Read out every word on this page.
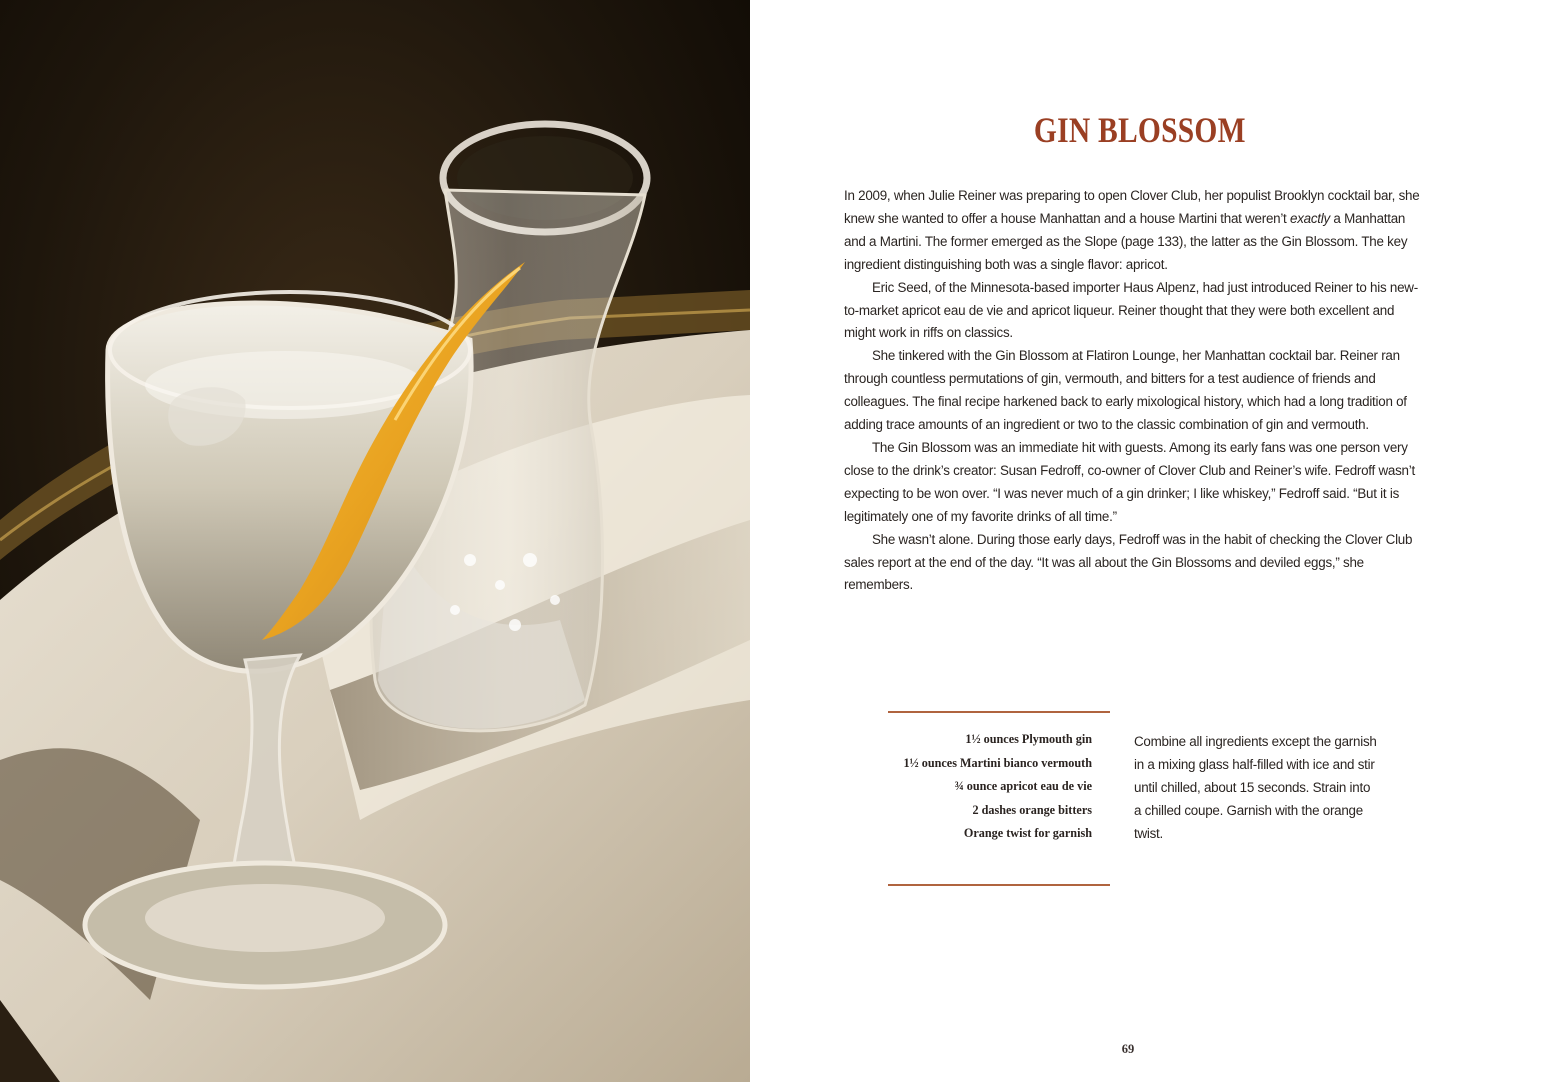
GIN BLOSSOM

In 2009, when Julie Reiner was preparing to open Clover Club, her populist Brooklyn cocktail bar, she knew she wanted to offer a house Manhattan and a house Martini that weren’t exactly a Manhattan and a Martini. The former emerged as the Slope (page 133), the latter as the Gin Blossom. The key ingredient distinguishing both was a single flavor: apricot.

Eric Seed, of the Minnesota-based importer Haus Alpenz, had just introduced Reiner to his new-to-market apricot eau de vie and apricot liqueur. Reiner thought that they were both excellent and might work in riffs on classics.

She tinkered with the Gin Blossom at Flatiron Lounge, her Manhattan cocktail bar. Reiner ran through countless permutations of gin, vermouth, and bitters for a test audience of friends and colleagues. The final recipe harkened back to early mixological history, which had a long tradition of adding trace amounts of an ingredient or two to the classic combination of gin and vermouth.

The Gin Blossom was an immediate hit with guests. Among its early fans was one person very close to the drink’s creator: Susan Fedroff, co-owner of Clover Club and Reiner’s wife. Fedroff wasn’t expecting to be won over. “I was never much of a gin drinker; I like whiskey,” Fedroff said. “But it is legitimately one of my favorite drinks of all time.”

She wasn’t alone. During those early days, Fedroff was in the habit of checking the Clover Club sales report at the end of the day. “It was all about the Gin Blossoms and deviled eggs,” she remembers.

1½ ounces Plymouth gin
1½ ounces Martini bianco vermouth
¾ ounce apricot eau de vie
2 dashes orange bitters
Orange twist for garnish
Combine all ingredients except the garnish in a mixing glass half-filled with ice and stir until chilled, about 15 seconds. Strain into a chilled coupe. Garnish with the orange twist.
69
